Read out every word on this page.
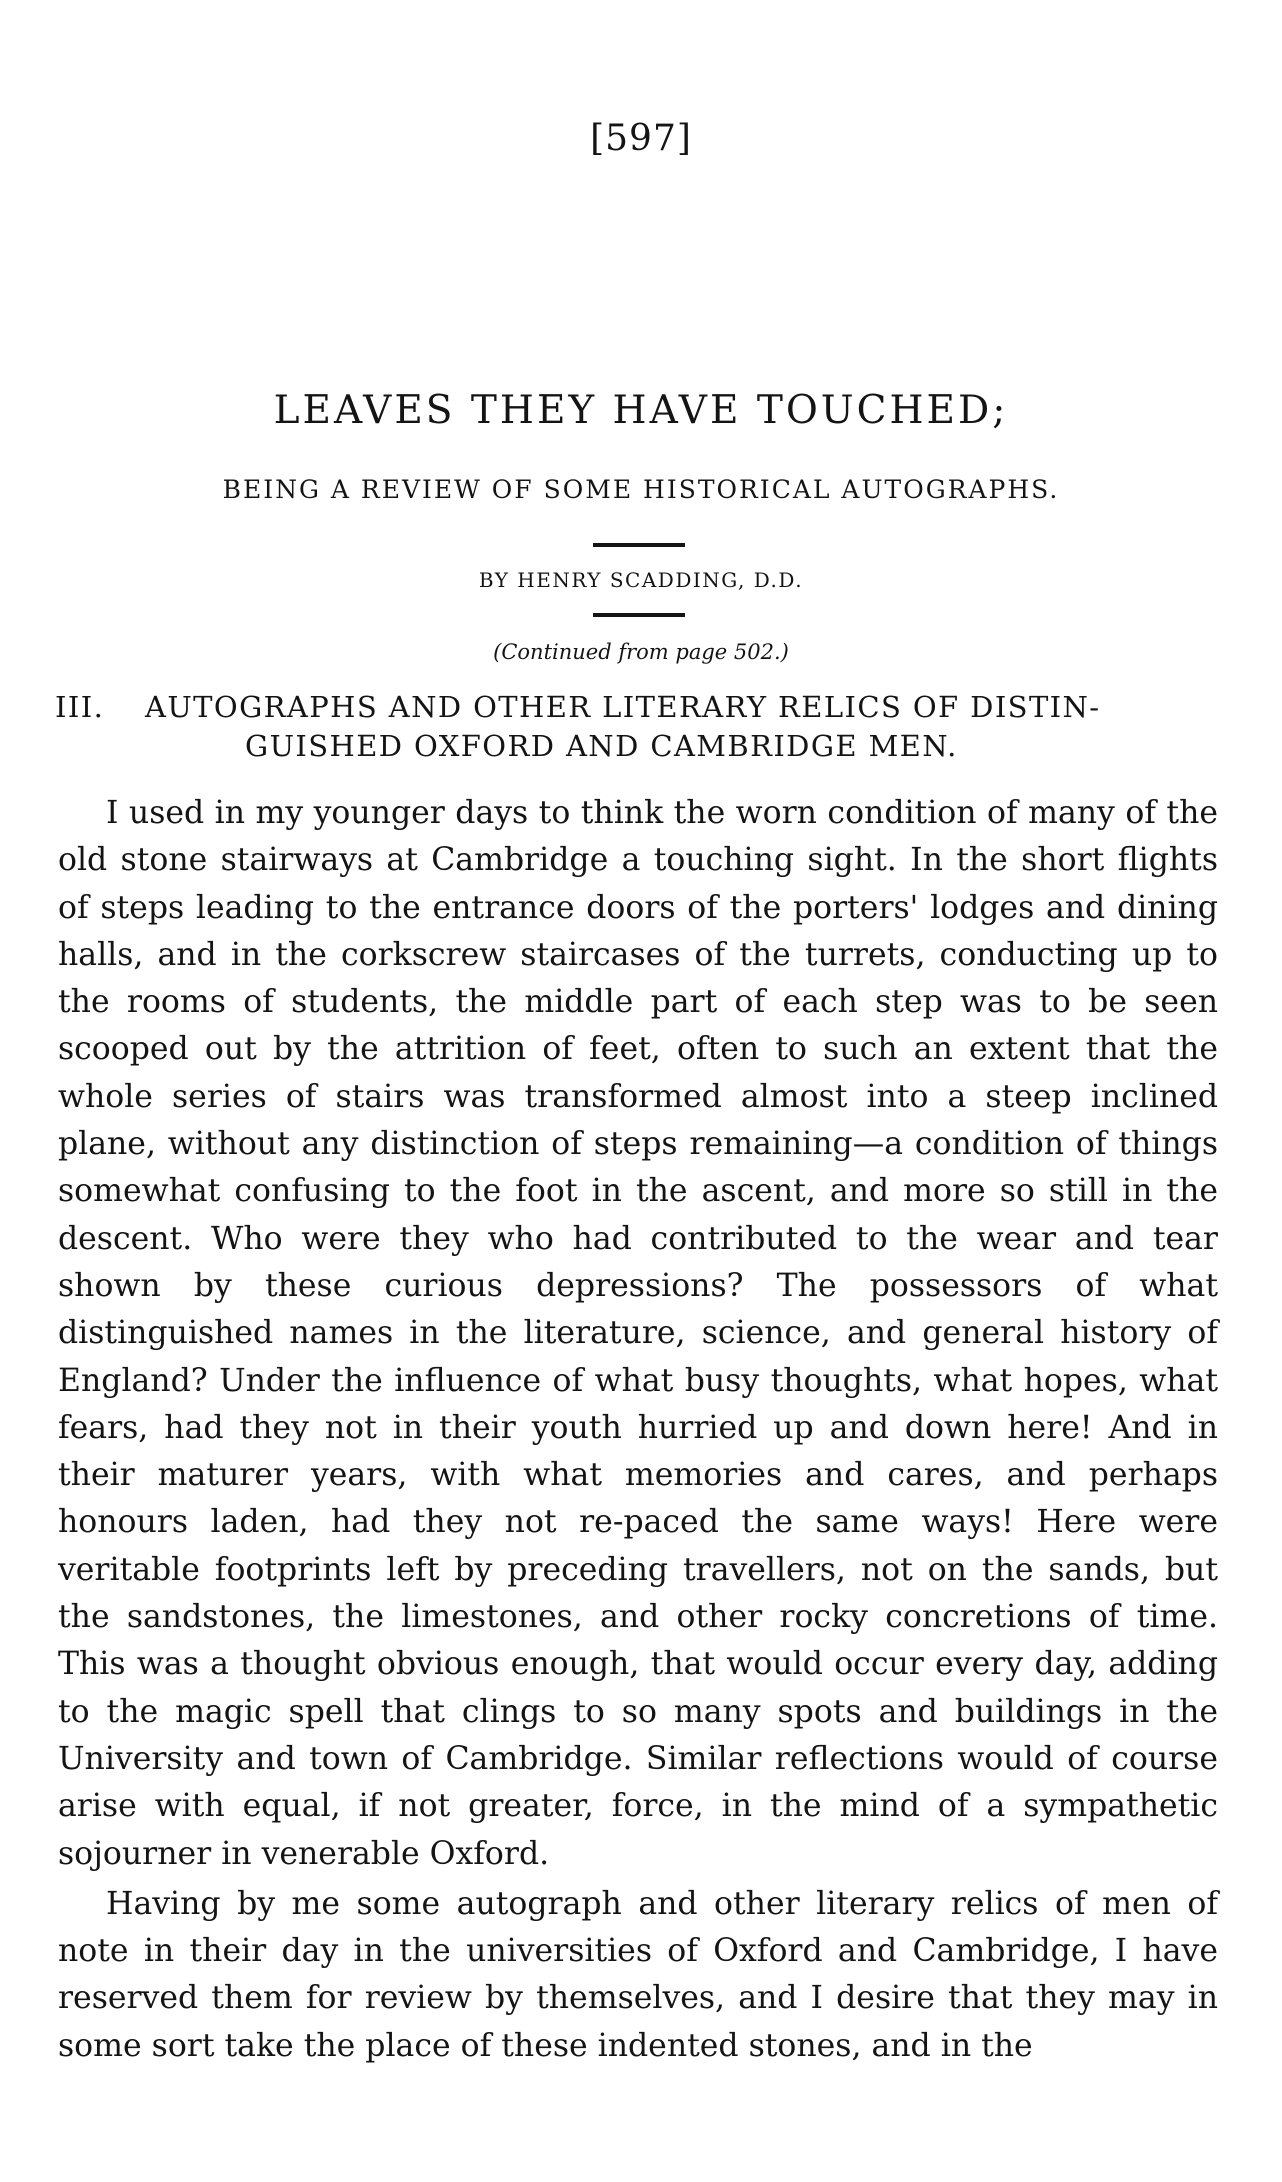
[597]
LEAVES THEY HAVE TOUCHED;
BEING A REVIEW OF SOME HISTORICAL AUTOGRAPHS.
BY HENRY SCADDING, D.D.
(Continued from page 502.)
III. AUTOGRAPHS AND OTHER LITERARY RELICS OF DISTIN-
GUISHED OXFORD AND CAMBRIDGE MEN.

I used in my younger days to think the worn condition of many of the old stone stairways at Cambridge a touching sight. In the short flights of steps leading to the entrance doors of the porters' lodges and dining halls, and in the corkscrew staircases of the turrets, conducting up to the rooms of students, the middle part of each step was to be seen scooped out by the attrition of feet, often to such an extent that the whole series of stairs was transformed almost into a steep inclined plane, without any distinction of steps remaining—a condition of things somewhat confusing to the foot in the ascent, and more so still in the descent. Who were they who had contributed to the wear and tear shown by these curious depressions? The possessors of what distinguished names in the literature, science, and general history of England? Under the influence of what busy thoughts, what hopes, what fears, had they not in their youth hurried up and down here! And in their maturer years, with what memories and cares, and perhaps honours laden, had they not re-paced the same ways! Here were veritable footprints left by preceding travellers, not on the sands, but the sandstones, the limestones, and other rocky concretions of time. This was a thought obvious enough, that would occur every day, adding to the magic spell that clings to so many spots and buildings in the University and town of Cambridge. Similar reflections would of course arise with equal, if not greater, force, in the mind of a sympathetic sojourner in venerable Oxford.

Having by me some autograph and other literary relics of men of note in their day in the universities of Oxford and Cambridge, I have reserved them for review by themselves, and I desire that they may in some sort take the place of these indented stones, and in the
